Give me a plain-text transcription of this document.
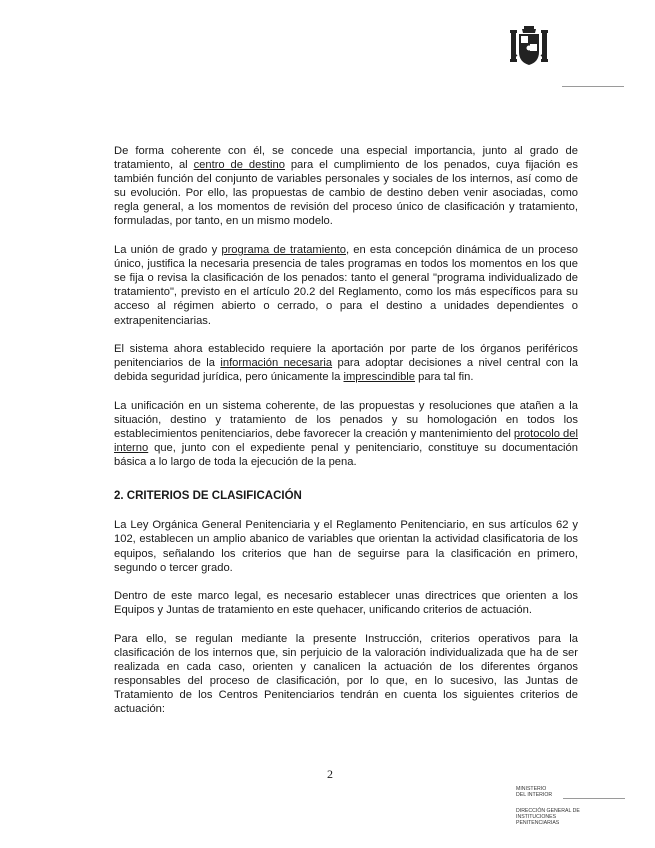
De forma coherente con él, se concede una especial importancia, junto al grado de tratamiento, al centro de destino para el cumplimiento de los penados, cuya fijación es también función del conjunto de variables personales y sociales de los internos, así como de su evolución. Por ello, las propuestas de cambio de destino deben venir asociadas, como regla general, a los momentos de revisión del proceso único de clasificación y tratamiento, formuladas, por tanto, en un mismo modelo.

La unión de grado y programa de tratamiento, en esta concepción dinámica de un proceso único, justifica la necesaria presencia de tales programas en todos los momentos en los que se fija o revisa la clasificación de los penados: tanto el general "programa individualizado de tratamiento", previsto en el artículo 20.2 del Reglamento, como los más específicos para su acceso al régimen abierto o cerrado, o para el destino a unidades dependientes o extrapenitenciarias.

El sistema ahora establecido requiere la aportación por parte de los órganos periféricos penitenciarios de la información necesaria para adoptar decisiones a nivel central con la debida seguridad jurídica, pero únicamente la imprescindible para tal fin.

La unificación en un sistema coherente, de las propuestas y resoluciones que atañen a la situación, destino y tratamiento de los penados y su homologación en todos los establecimientos penitenciarios, debe favorecer la creación y mantenimiento del protocolo del interno que, junto con el expediente penal y penitenciario, constituye su documentación básica a lo largo de toda la ejecución de la pena.

2. CRITERIOS DE CLASIFICACIÓN

La Ley Orgánica General Penitenciaria y el Reglamento Penitenciario, en sus artículos 62 y 102, establecen un amplio abanico de variables que orientan la actividad clasificatoria de los equipos, señalando los criterios que han de seguirse para la clasificación en primero, segundo o tercer grado.

Dentro de este marco legal, es necesario establecer unas directrices que orienten a los Equipos y Juntas de tratamiento en este quehacer, unificando criterios de actuación.

Para ello, se regulan mediante la presente Instrucción, criterios operativos para la clasificación de los internos que, sin perjuicio de la valoración individualizada que ha de ser realizada en cada caso, orienten y canalicen la actuación de los diferentes órganos responsables del proceso de clasificación, por lo que, en lo sucesivo, las Juntas de Tratamiento de los Centros Penitenciarios tendrán en cuenta los siguientes criterios de actuación:

2
MINISTERIO
DEL INTERIOR
DIRECCIÓN GENERAL DE
INSTITUCIONES
PENITENCIARIAS
